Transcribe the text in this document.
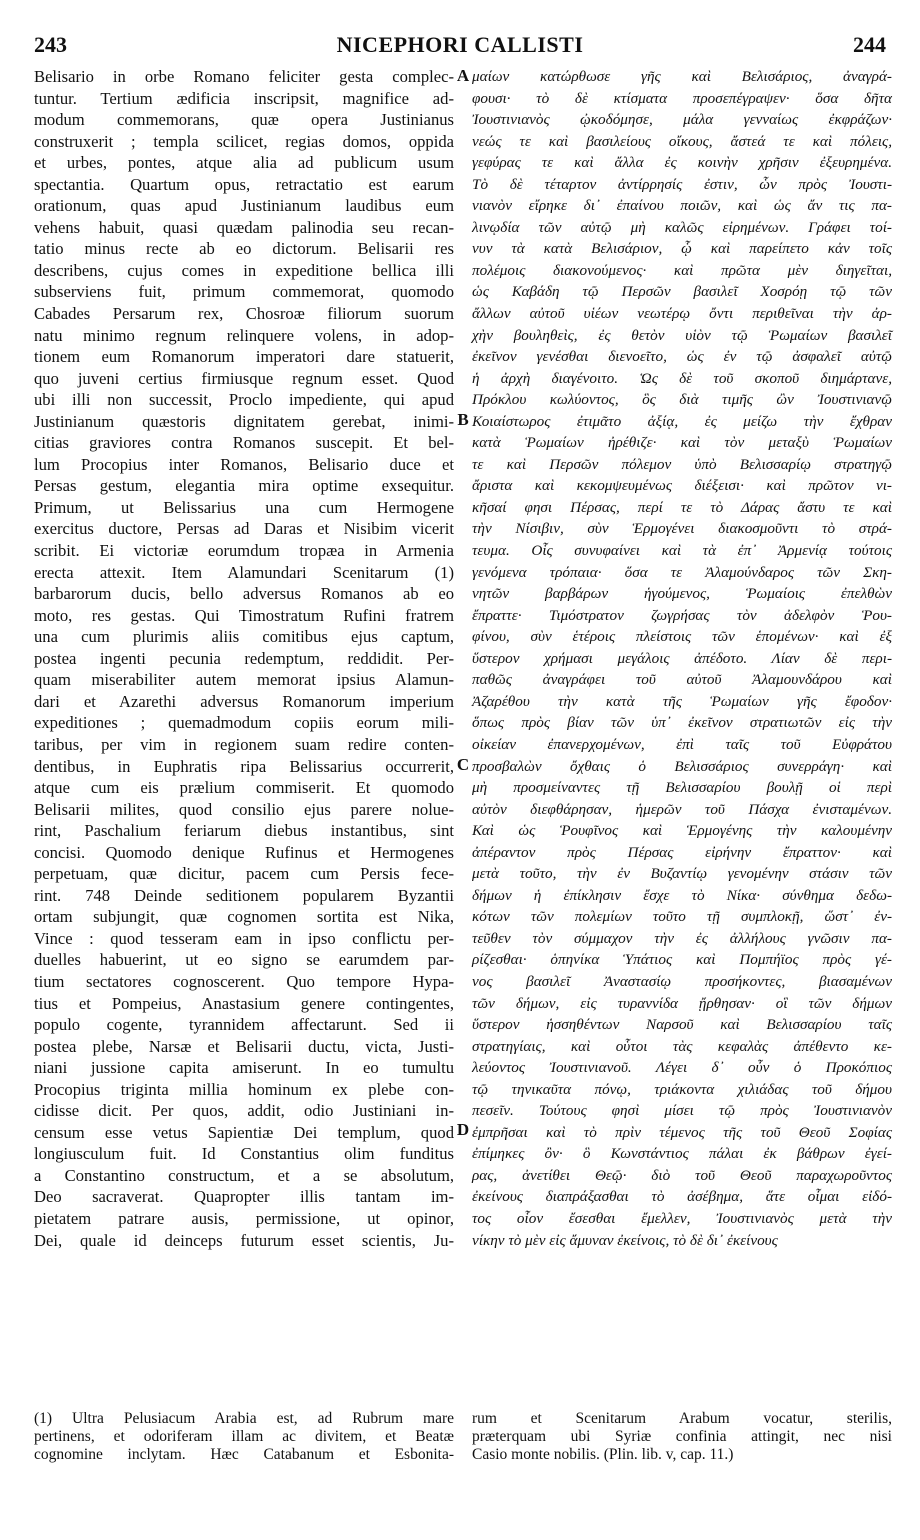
243	NICEPHORI CALLISTI	244
Belisario in orbe Romano feliciter gesta complec-
tuntur. Tertium ædificia inscripsit, magnifice ad-
modum commemorans, quæ opera Justinianus
construxerit ; templa scilicet, regias domos, oppida
et urbes, pontes, atque alia ad publicum usum
spectantia. Quartum opus, retractatio est earum
orationum, quas apud Justinianum laudibus eum
vehens habuit, quasi quædam palinodia seu recan-
tatio minus recte ab eo dictorum. Belisarii res
describens, cujus comes in expeditione bellica illi
subserviens fuit, primum commemorat, quomodo
Cabades Persarum rex, Chosroæ filiorum suorum
natu minimo regnum relinquere volens, in adop-
tionem eum Romanorum imperatori dare statuerit,
quo juveni certius firmiusque regnum esset. Quod
ubi illi non successit, Proclo impediente, qui apud
Justinianum quæstoris dignitatem gerebat, inimi-
citias graviores contra Romanos suscepit. Et bel-
lum Procopius inter Romanos, Belisario duce et
Persas gestum, elegantia mira optime exsequitur.
Primum, ut Belissarius una cum Hermogene
exercitus ductore, Persas ad Daras et Nisibim vicerit
scribit. Ei victoriæ eorumdum tropæa in Armenia
erecta attexit. Item Alamundari Scenitarum (1)
barbarorum ducis, bello adversus Romanos ab eo
moto, res gestas. Qui Timostratum Rufini fratrem
una cum plurimis aliis comitibus ejus captum,
postea ingenti pecunia redemptum, reddidit. Per-
quam miserabiliter autem memorat ipsius Alamun-
dari et Azarethi adversus Romanorum imperium
expeditiones ; quemadmodum copiis eorum mili-
taribus, per vim in regionem suam redire conten-
dentibus, in Euphratis ripa Belissarius occurrerit,
atque cum eis prælium commiserit. Et quomodo
Belisarii milites, quod consilio ejus parere nolue-
rint, Paschalium feriarum diebus instantibus, sint
concisi. Quomodo denique Rufinus et Hermogenes
perpetuam, quæ dicitur, pacem cum Persis fece-
rint. 748 Deinde seditionem popularem Byzantii
ortam subjungit, quæ cognomen sortita est Nika,
Vince : quod tesseram eam in ipso conflictu per-
duelles habuerint, ut eo signo se earumdem par-
tium sectatores cognoscerent. Quo tempore Hypa-
tius et Pompeius, Anastasium genere contingentes,
populo cogente, tyrannidem affectarunt. Sed ii
postea plebe, Narsæ et Belisarii ductu, victa, Justi-
niani jussione capita amiserunt. In eo tumultu
Procopius triginta millia hominum ex plebe con-
cidisse dicit. Per quos, addit, odio Justiniani in-
censum esse vetus Sapientiæ Dei templum, quod
longiusculum fuit. Id Constantius olim funditus
a Constantino constructum, et a se absolutum,
Deo sacraverat. Quapropter illis tantam im-
pietatem patrare ausis, permissione, ut opinor,
Dei, quale id deinceps futurum esset scientis, Ju-
μαίων κατώρθωσε γῆς καὶ Βελισάριος, ἀναγρά-
φουσι· τὸ δὲ κτίσματα προσεπέγραψεν· ὅσα δῆτα
Ἰουστινιανὸς ᾠκοδόμησε, μάλα γενναίως ἐκφράζων·
νεώς τε καὶ βασιλείους οἴκους, ἄστεά τε καὶ πόλεις,
γεφύρας τε καὶ ἄλλα ἐς κοινὴν χρῆσιν ἐξευρημένα.
Τὸ δὲ τέταρτον ἀντίρρησίς ἐστιν, ὧν πρὸς Ἰουστι-
νιανὸν εἴρηκε δι᾽ ἐπαίνου ποιῶν, καὶ ὡς ἄν τις πα-
λινῳδία τῶν αὐτῷ μὴ καλῶς εἰρημένων. Γράφει τοί-
νυν τὰ κατὰ Βελισάριον, ᾧ καὶ παρείπετο κἀν τοῖς
πολέμοις διακονούμενος· καὶ πρῶτα μὲν διηγεῖται,
ὡς Καβάδη τῷ Περσῶν βασιλεῖ Χοσρόῃ τῷ τῶν
ἄλλων αὐτοῦ υἱέων νεωτέρῳ ὄντι περιθεῖναι τὴν ἀρ-
χὴν βουληθεὶς, ἐς θετὸν υἱὸν τῷ Ῥωμαίων βασιλεῖ
ἐκεῖνον γενέσθαι διενοεῖτο, ὡς ἐν τῷ ἀσφαλεῖ αὐτῷ
ἡ ἀρχὴ διαγένοιτο. Ὡς δὲ τοῦ σκοποῦ διημάρτανε,
Πρόκλου κωλύοντος, ὃς διὰ τιμῆς ὢν Ἰουστινιανῷ
Κοιαίστωρος ἐτιμᾶτο ἀξίᾳ, ἐς μείζω τὴν ἔχθραν
κατὰ Ῥωμαίων ἠρέθιζε· καὶ τὸν μεταξὺ Ῥωμαίων
τε καὶ Περσῶν πόλεμον ὑπὸ Βελισσαρίῳ στρατηγῷ
ἄριστα καὶ κεκομψευμένως διέξεισι· καὶ πρῶτον νι-
κῆσαί φησι Πέρσας, περί τε τὸ Δάρας ἄστυ τε καὶ
τὴν Νίσιβιν, σὺν Ἑρμογένει διακοσμοῦντι τὸ στρά-
τευμα. Οἷς συνυφαίνει καὶ τὰ ἐπ᾽ Ἀρμενίᾳ τούτοις
γενόμενα τρόπαια· ὅσα τε Ἀλαμούνδαρος τῶν Σκη-
νητῶν βαρβάρων ἡγούμενος, Ῥωμαίοις ἐπελθὼν
ἔπραττε· Τιμόστρατον ζωγρήσας τὸν ἀδελφὸν Ῥου-
φίνου, σὺν ἑτέροις πλείστοις τῶν ἑπομένων· καὶ ἐξ
ὕστερον χρήμασι μεγάλοις ἀπέδοτο. Λίαν δὲ περι-
παθῶς ἀναγράφει τοῦ αὐτοῦ Ἀλαμουνδάρου καὶ
Ἀζαρέθου τὴν κατὰ τῆς Ῥωμαίων γῆς ἔφοδον·
ὅπως πρὸς βίαν τῶν ὑπ᾽ ἐκεῖνον στρατιωτῶν εἰς τὴν
οἰκείαν ἐπανερχομένων, ἐπὶ ταῖς τοῦ Εὐφράτου
προσβαλὼν ὄχθαις ὁ Βελισσάριος συνερράγη· καὶ
μὴ προσμείναντες τῇ Βελισσαρίου βουλῇ οἱ περὶ
αὐτὸν διεφθάρησαν, ἡμερῶν τοῦ Πάσχα ἐνισταμένων.
Καὶ ὡς Ῥουφῖνος καὶ Ἑρμογένης τὴν καλουμένην
ἀπέραντον πρὸς Πέρσας εἰρήνην ἔπραττον· καὶ
μετὰ τοῦτο, τὴν ἐν Βυζαντίῳ γενομένην στάσιν τῶν
δήμων ἡ ἐπίκλησιν ἔσχε τὸ Νίκα· σύνθημα δεδω-
κότων τῶν πολεμίων τοῦτο τῇ συμπλοκῇ, ὥστ᾽ ἐν-
τεῦθεν τὸν σύμμαχον τὴν ἐς ἀλλήλους γνῶσιν πα-
ρίζεσθαι· ὁπηνίκα Ὑπάτιος καὶ Πομπήϊος πρὸς γέ-
νος βασιλεῖ Ἀναστασίῳ προσήκοντες, βιασαμένων
τῶν δήμων, εἰς τυραννίδα ᾔρθησαν· οἳ τῶν δήμων
ὕστερον ἡσσηθέντων Ναρσοῦ καὶ Βελισσαρίου ταῖς
στρατηγίαις, καὶ οὗτοι τὰς κεφαλὰς ἀπέθεντο κε-
λεύοντος Ἰουστινιανοῦ. Λέγει δ᾽ οὖν ὁ Προκόπιος
τῷ τηνικαῦτα πόνῳ, τριάκοντα χιλιάδας τοῦ δήμου
πεσεῖν. Τούτους φησὶ μίσει τῷ πρὸς Ἰουστινιανὸν
ἐμπρῆσαι καὶ τὸ πρὶν τέμενος τῆς τοῦ Θεοῦ Σοφίας
ἐπίμηκες ὂν· ὃ Κωνστάντιος πάλαι ἐκ βάθρων ἐγεί-
ρας, ἀνετίθει Θεῷ· διὸ τοῦ Θεοῦ παραχωροῦντος
ἐκείνους διαπράξασθαι τὸ ἀσέβημα, ἅτε οἶμαι εἰδό-
τος οἷον ἔσεσθαι ἔμελλεν, Ἰουστινιανὸς μετὰ τὴν
νίκην τὸ μὲν εἰς ἄμυναν ἐκείνοις, τὸ δὲ δι᾽ ἐκείνους
A
B
C
D
(1) Ultra Pelusiacum Arabia est, ad Rubrum mare
pertinens, et odoriferam illam ac divitem, et Beatæ
cognomine inclytam. Hæc Catabanum et Esbonita-
rum et Scenitarum Arabum vocatur, sterilis,
præterquam ubi Syriæ confinia attingit, nec nisi
Casio monte nobilis. (Plin. lib. v, cap. 11.)
